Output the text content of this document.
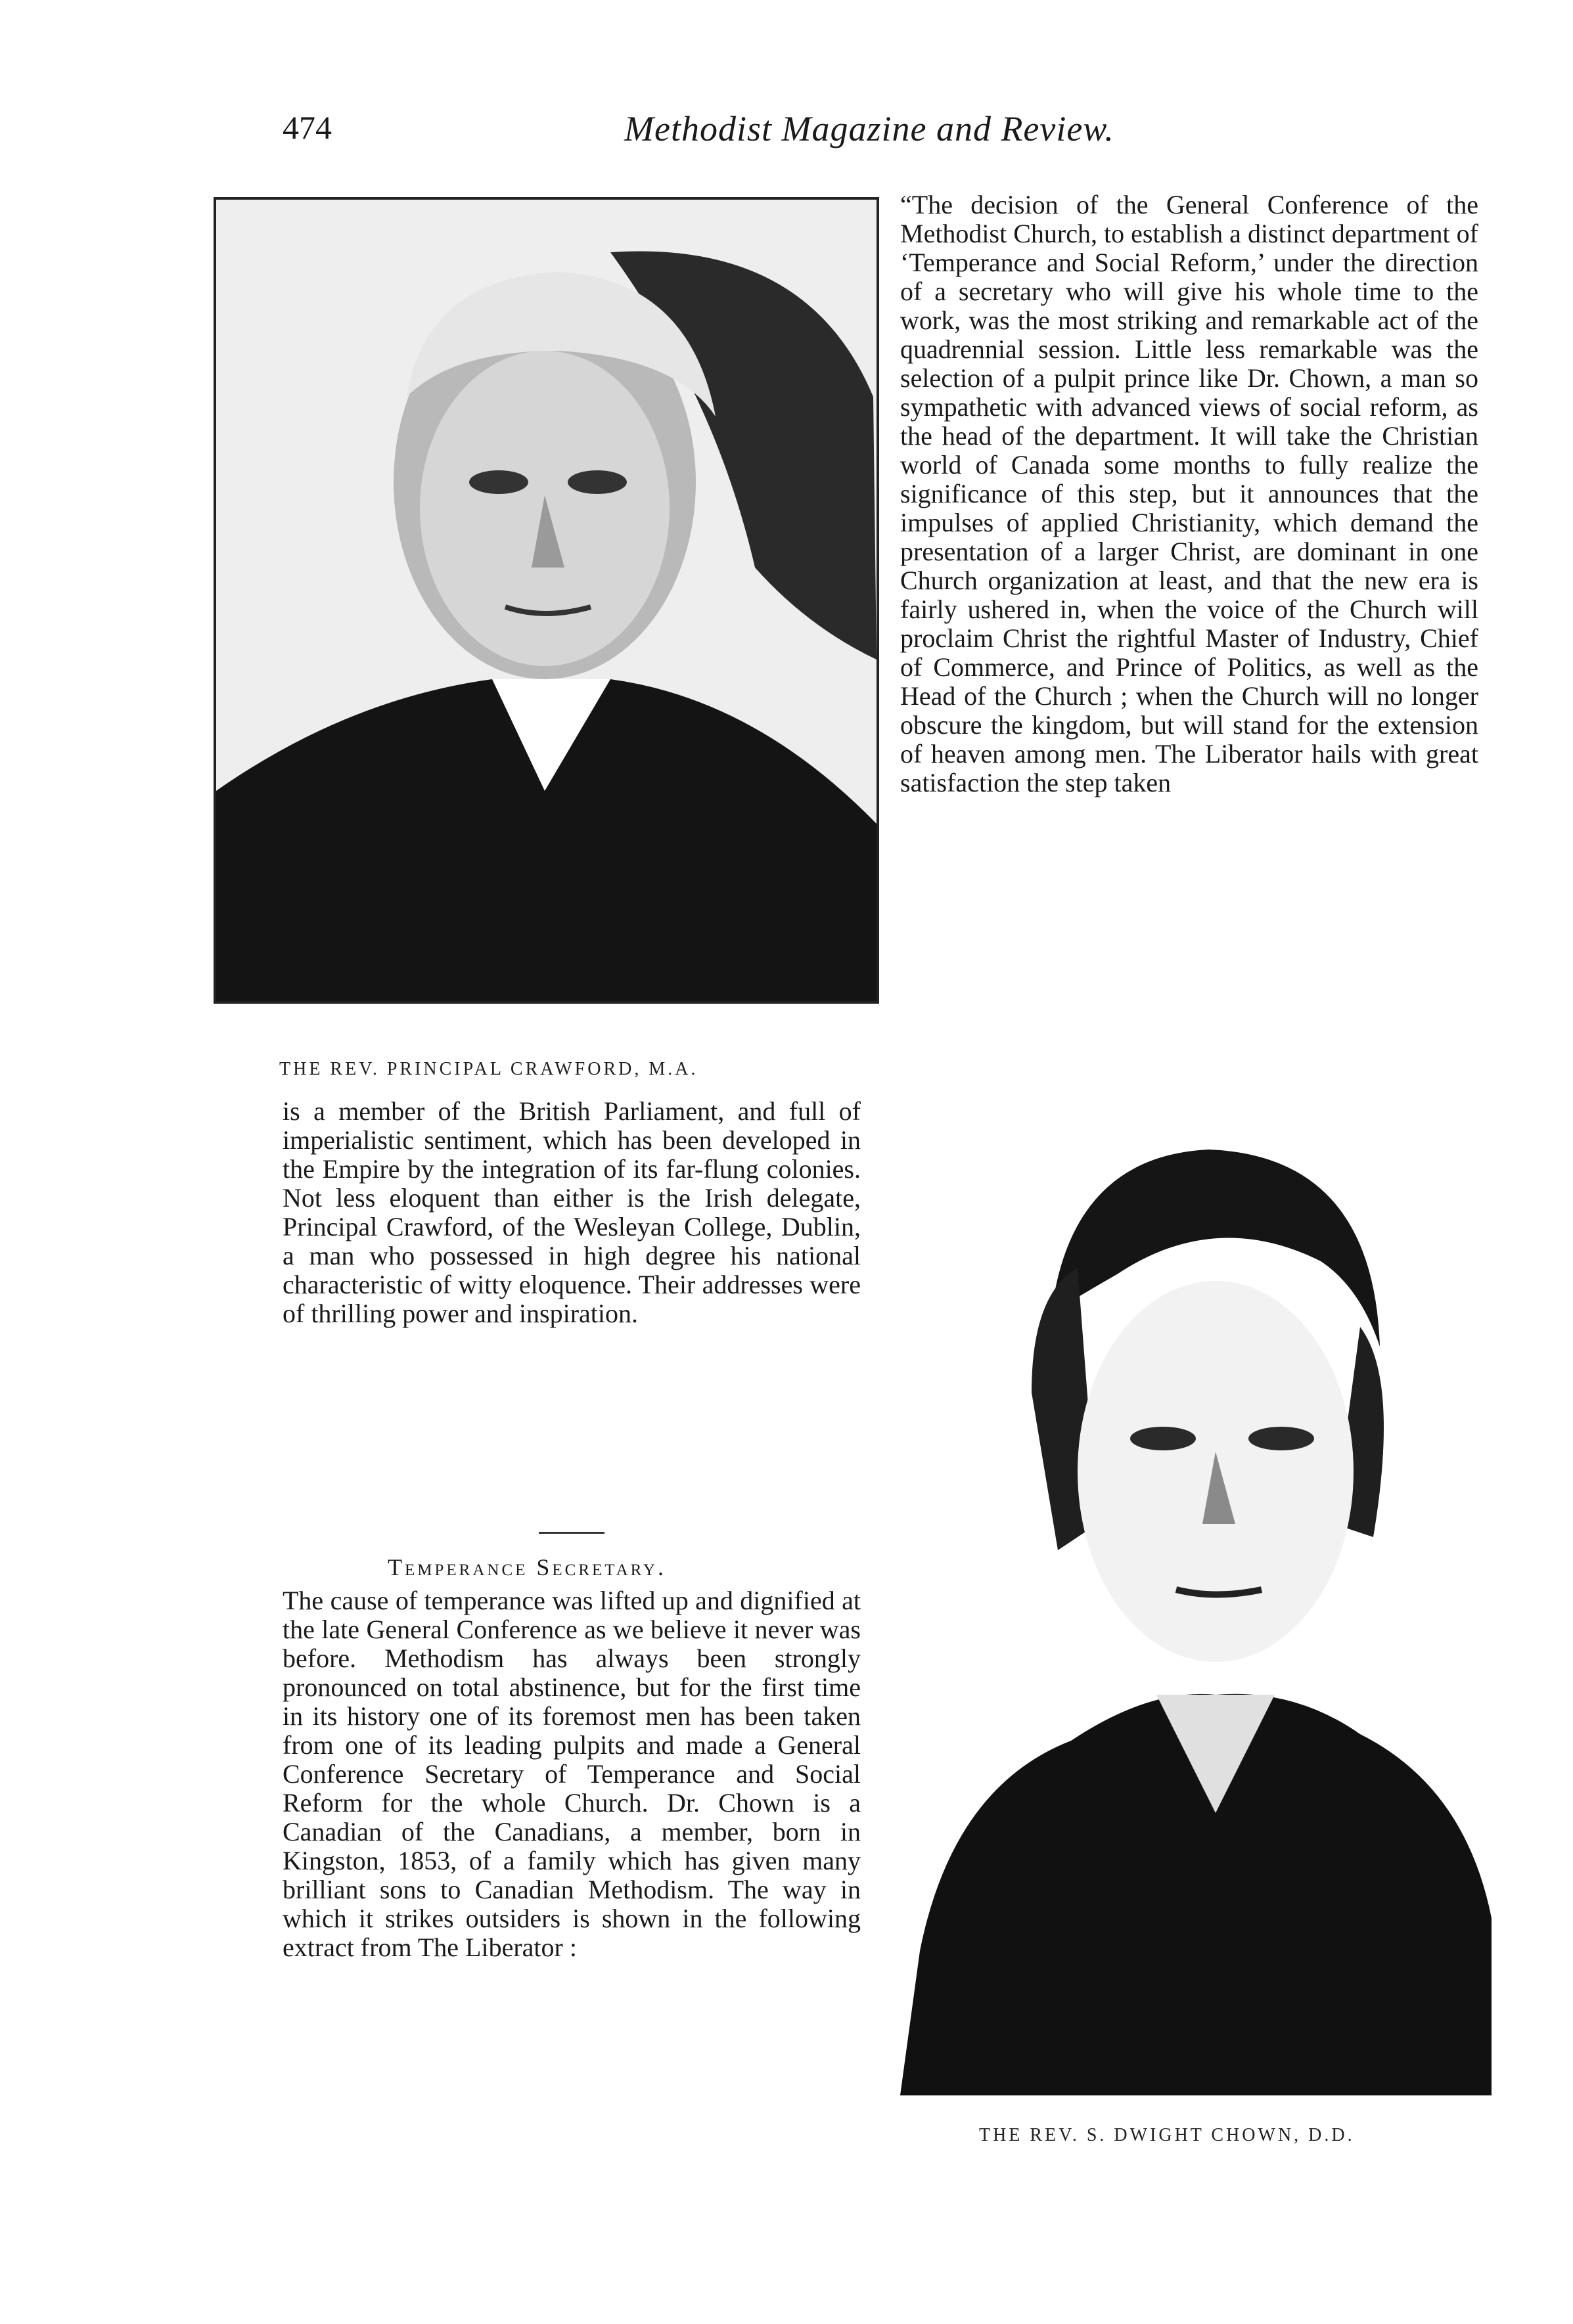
474	Methodist Magazine and Review.
THE REV. PRINCIPAL CRAWFORD, M.A.

is a member of the British Parliament, and full of imperialistic sentiment, which has been developed in the Empire by the integration of its far-flung colonies. Not less eloquent than either is the Irish delegate, Principal Crawford, of the Wesleyan College, Dublin, a man who possessed in high degree his national characteristic of witty eloquence. Their addresses were of thrilling power and inspiration.

Temperance Secretary.

The cause of temperance was lifted up and dignified at the late General Conference as we believe it never was before. Methodism has always been strongly pronounced on total abstinence, but for the first time in its history one of its foremost men has been taken from one of its leading pulpits and made a General Conference Secretary of Temperance and Social Reform for the whole Church. Dr. Chown is a Canadian of the Canadians, a member, born in Kingston, 1853, of a family which has given many brilliant sons to Canadian Methodism. The way in which it strikes outsiders is shown in the following extract from The Liberator :

“The decision of the General Conference of the Methodist Church, to establish a distinct department of ‘Temperance and Social Reform,’ under the direction of a secretary who will give his whole time to the work, was the most striking and remarkable act of the quadrennial session. Little less remarkable was the selection of a pulpit prince like Dr. Chown, a man so sympathetic with advanced views of social reform, as the head of the department. It will take the Christian world of Canada some months to fully realize the significance of this step, but it announces that the impulses of applied Christianity, which demand the presentation of a larger Christ, are dominant in one Church organization at least, and that the new era is fairly ushered in, when the voice of the Church will proclaim Christ the rightful Master of Industry, Chief of Commerce, and Prince of Politics, as well as the Head of the Church ; when the Church will no longer obscure the kingdom, but will stand for the extension of heaven among men. The Liberator hails with great satisfaction the step taken

THE REV. S. DWIGHT CHOWN, D.D.
